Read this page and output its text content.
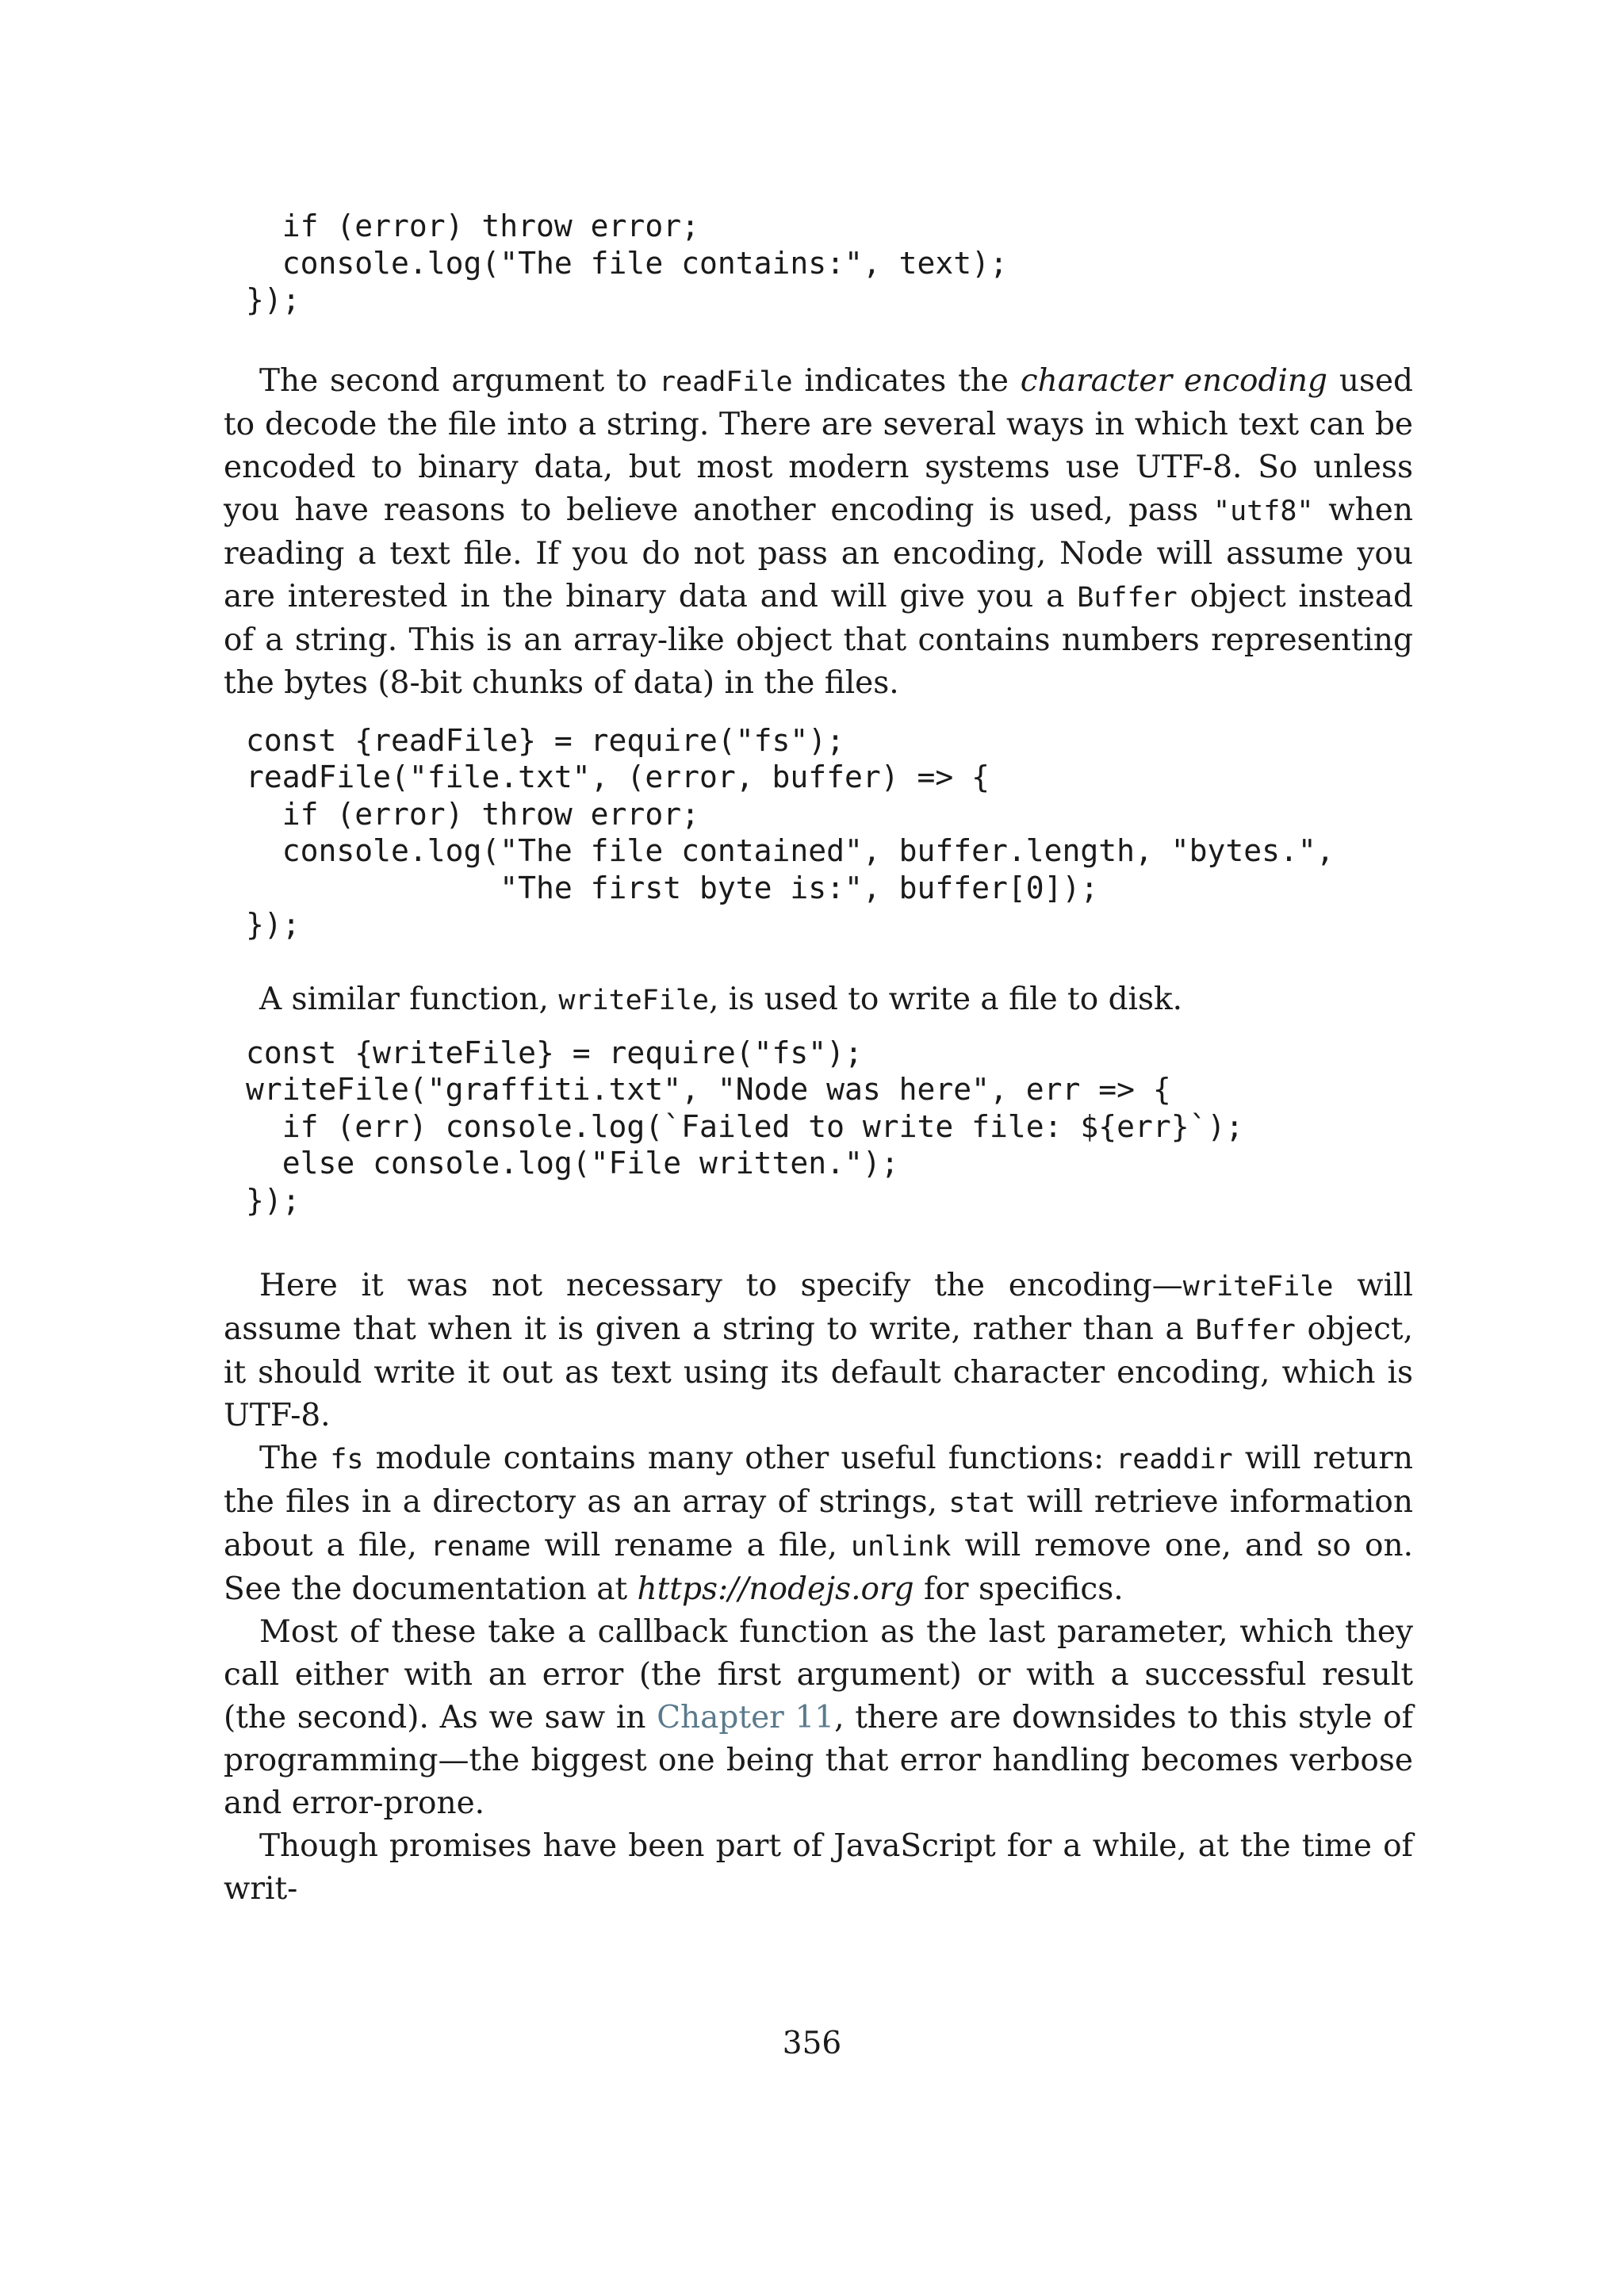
if (error) throw error;
console.log("The file contains:", text);
});

The second argument to readFile indicates the character encoding used to decode the file into a string. There are several ways in which text can be encoded to binary data, but most modern systems use UTF-8. So unless you have reasons to believe another encoding is used, pass "utf8" when reading a text file. If you do not pass an encoding, Node will assume you are interested in the binary data and will give you a Buffer object instead of a string. This is an array-like object that contains numbers representing the bytes (8-bit chunks of data) in the files.

const {readFile} = require("fs");
readFile("file.txt", (error, buffer) => {
if (error) throw error;
console.log("The file contained", buffer.length, "bytes.",
"The first byte is:", buffer[0]);
});

A similar function, writeFile, is used to write a file to disk.

const {writeFile} = require("fs");
writeFile("graffiti.txt", "Node was here", err => {
if (err) console.log(`Failed to write file: ${err}`);
else console.log("File written.");
});

Here it was not necessary to specify the encoding—writeFile will assume that when it is given a string to write, rather than a Buffer object, it should write it out as text using its default character encoding, which is UTF-8.

The fs module contains many other useful functions: readdir will return the files in a directory as an array of strings, stat will retrieve information about a file, rename will rename a file, unlink will remove one, and so on. See the documentation at https://nodejs.org for specifics.

Most of these take a callback function as the last parameter, which they call either with an error (the first argument) or with a successful result (the second). As we saw in Chapter 11, there are downsides to this style of programming—the biggest one being that error handling becomes verbose and error-prone.

Though promises have been part of JavaScript for a while, at the time of writ-

356
